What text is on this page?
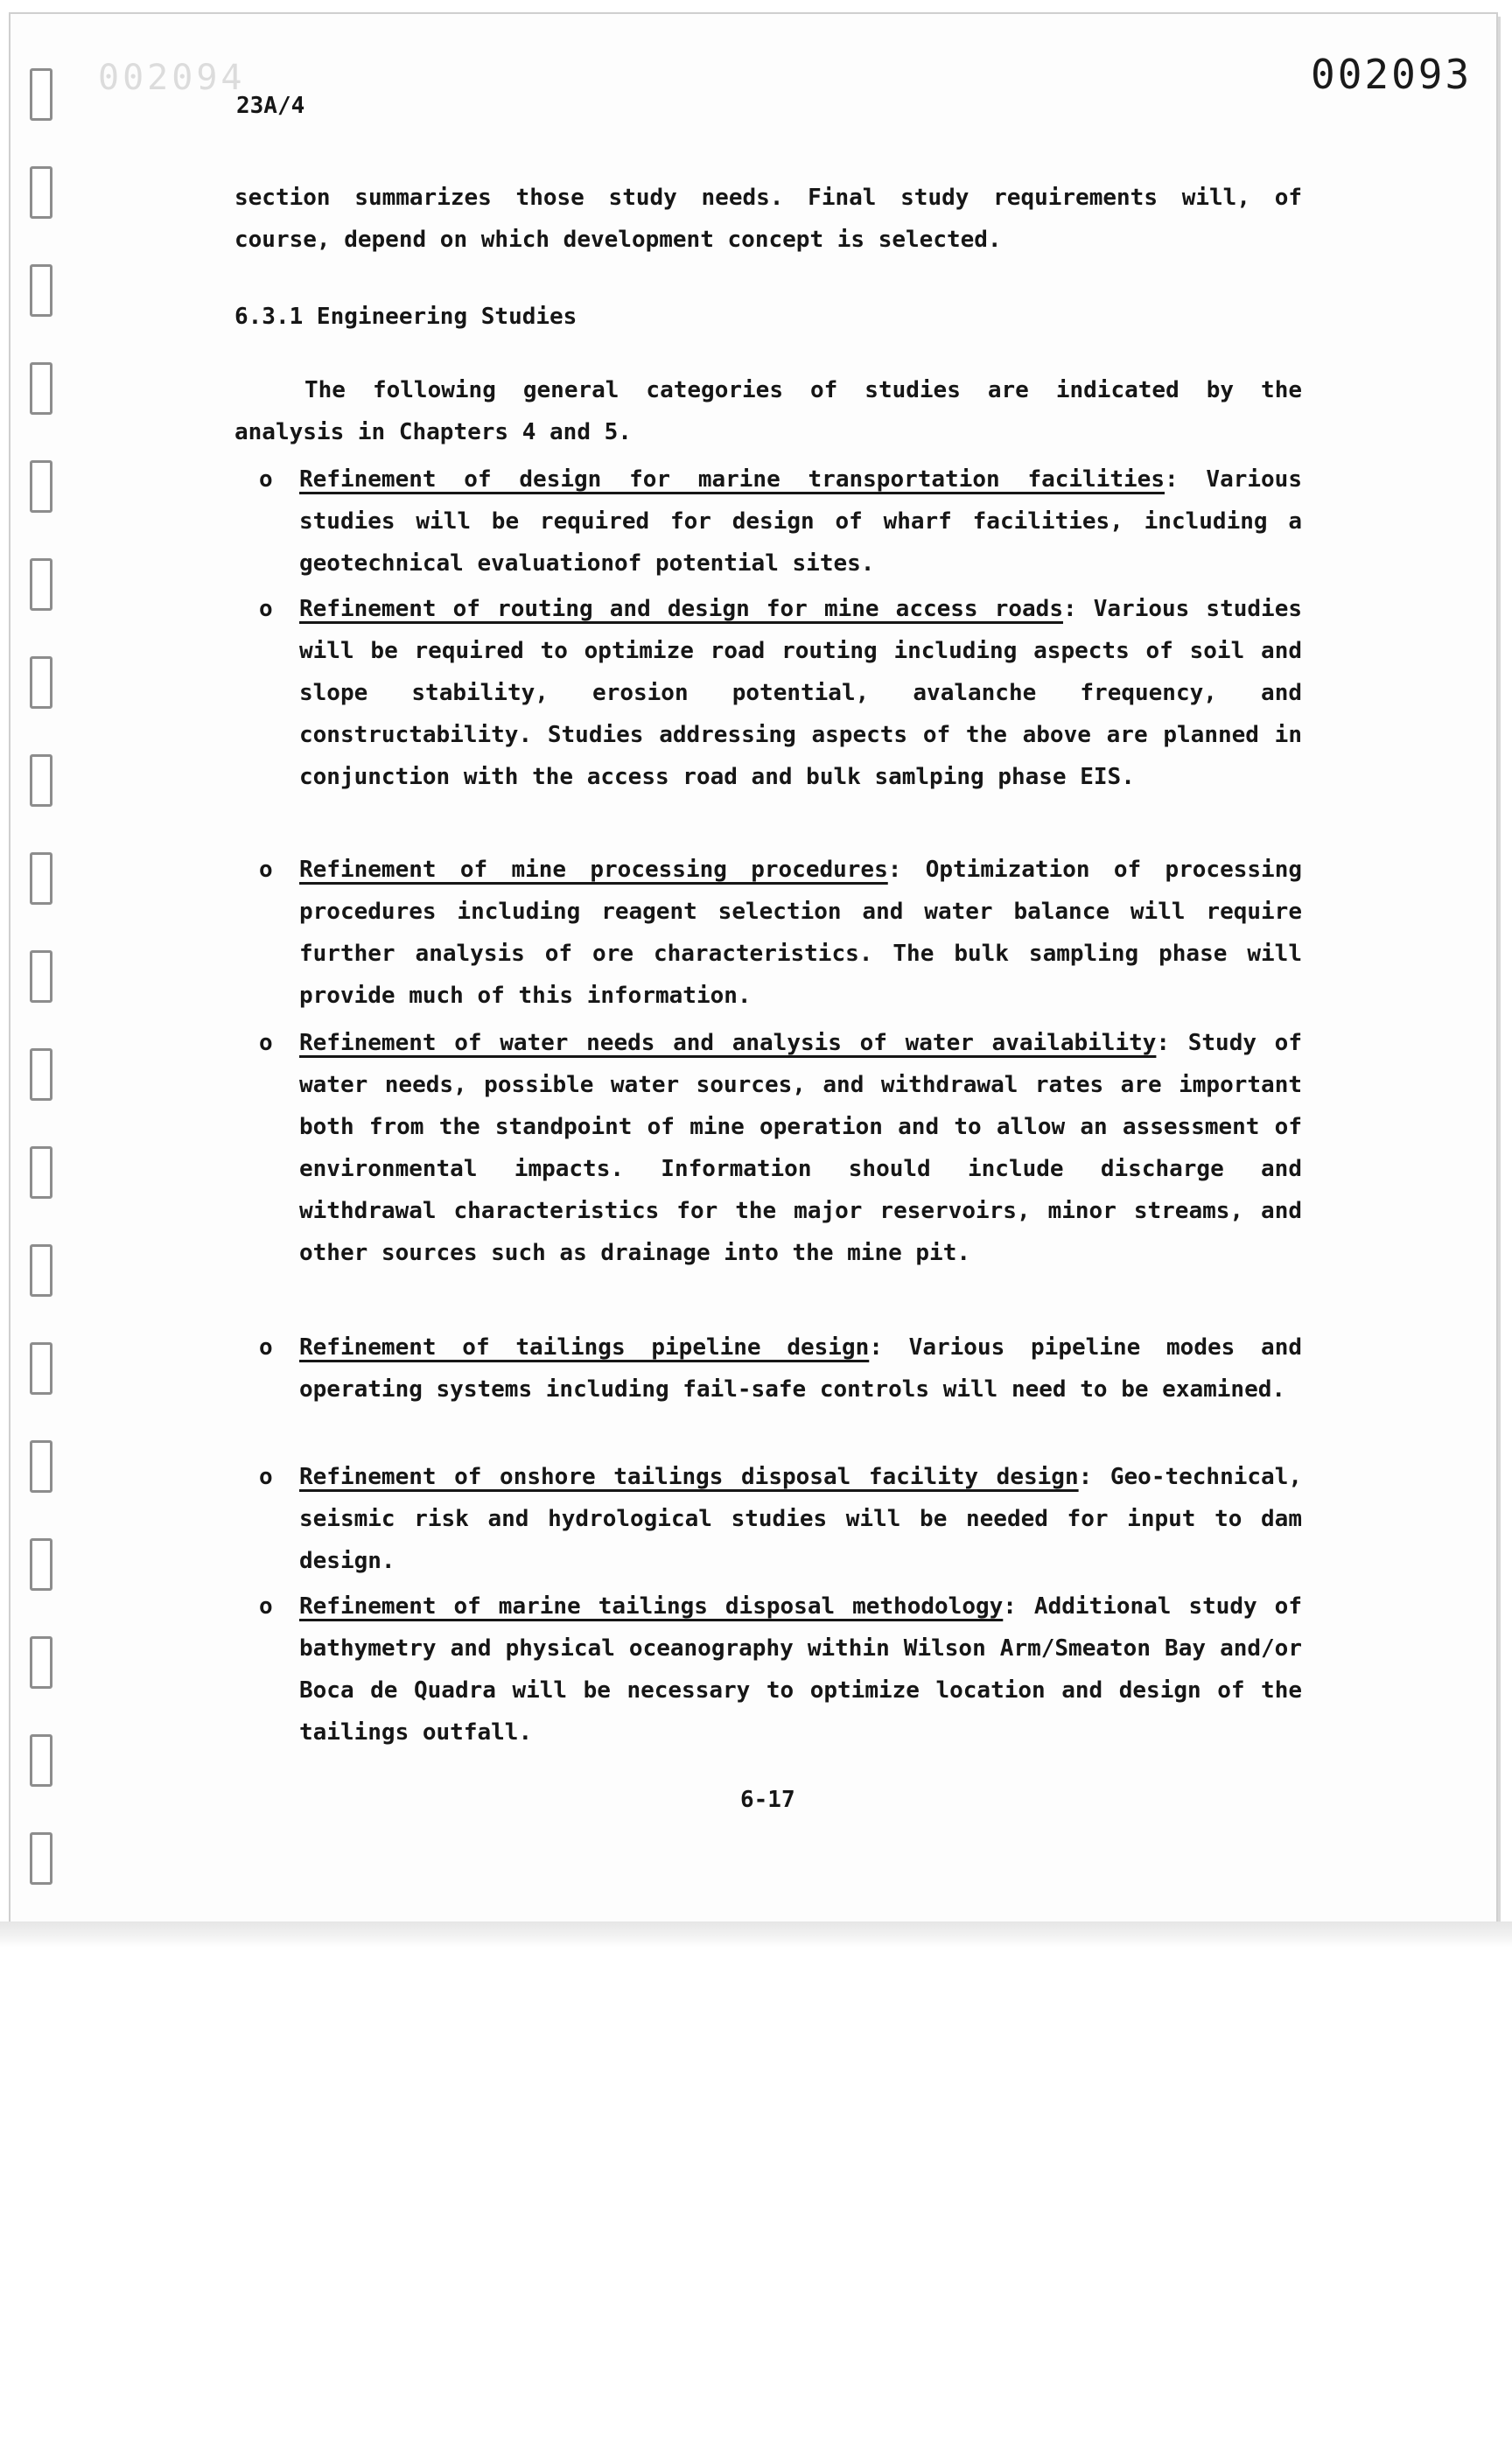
002094	002093
23A/4

section summarizes those study needs. Final study requirements will, of course, depend on which development concept is selected.

6.3.1 Engineering Studies

The following general categories of studies are indicated by the analysis in Chapters 4 and 5.

o Refinement of design for marine transportation facilities: Various studies will be required for design of wharf facilities, including a geotechnical evaluationof potential sites.

o Refinement of routing and design for mine access roads: Various studies will be required to optimize road routing including aspects of soil and slope stability, erosion potential, avalanche frequency, and constructability. Studies addressing aspects of the above are planned in conjunction with the access road and bulk samlping phase EIS.

o Refinement of mine processing procedures: Optimization of processing procedures including reagent selection and water balance will require further analysis of ore characteristics. The bulk sampling phase will provide much of this information.

o Refinement of water needs and analysis of water availability: Study of water needs, possible water sources, and withdrawal rates are important both from the standpoint of mine operation and to allow an assessment of environmental impacts. Information should include discharge and withdrawal characteristics for the major reservoirs, minor streams, and other sources such as drainage into the mine pit.

o Refinement of tailings pipeline design: Various pipeline modes and operating systems including fail-safe controls will need to be examined.

o Refinement of onshore tailings disposal facility design: Geo-technical, seismic risk and hydrological studies will be needed for input to dam design.

o Refinement of marine tailings disposal methodology: Additional study of bathymetry and physical oceanography within Wilson Arm/Smeaton Bay and/or Boca de Quadra will be necessary to optimize location and design of the tailings outfall.

6-17
